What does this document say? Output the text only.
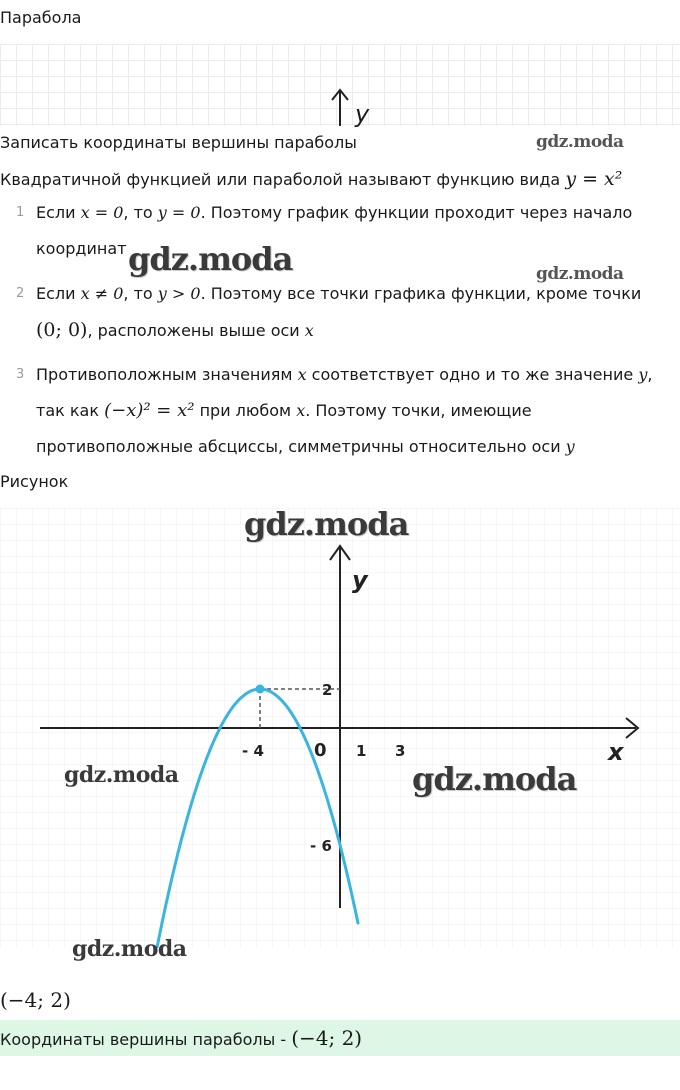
Парабола
y
Записать координаты вершины параболы	gdz.moda
Квадратичной функцией или параболой называют функцию вида y = x²
1 Если x = 0, то y = 0. Поэтому график функции проходит через начало координат gdz.moda	gdz.moda
2 Если x ≠ 0, то y > 0. Поэтому все точки графика функции, кроме точки (0; 0), расположены выше оси x
3 Противоположным значениям x соответствует одно и то же значение y, так как (−x)² = x² при любом x. Поэтому точки, имеющие противоположные абсциссы, симметричны относительно оси y
Рисунок
x
y
0
- 4	1 3
2
- 6
gdz.moda
gdz.moda	gdz.moda
gdz.moda
(−4; 2)
Координаты вершины параболы - (−4; 2)
